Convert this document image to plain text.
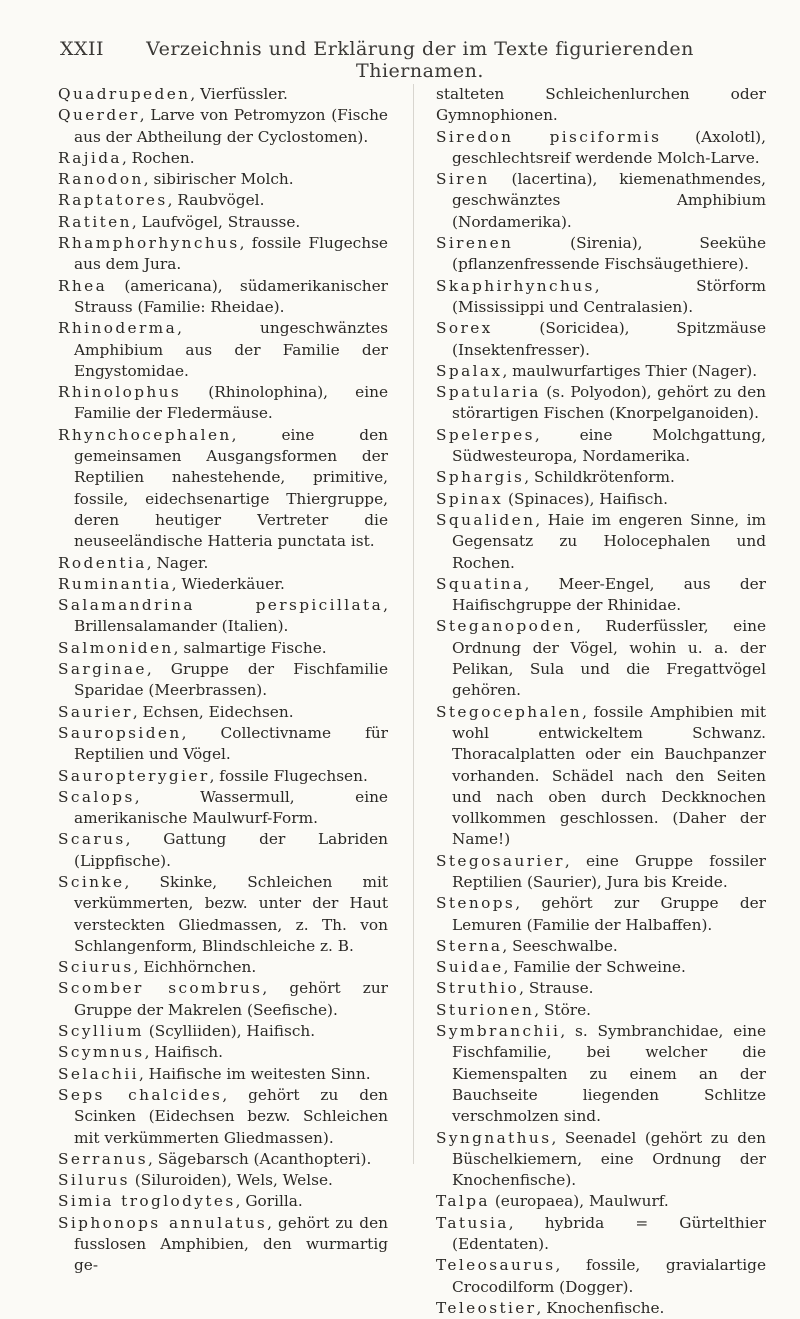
XXII	Verzeichnis und Erklärung der im Texte figurierenden Thiernamen.
Quadrupeden, Vierfüssler.
Querder, Larve von Petromyzon (Fische aus der Abtheilung der Cyclostomen).
Rajida, Rochen.
Ranodon, sibirischer Molch.
Raptatores, Raubvögel.
Ratiten, Laufvögel, Strausse.
Rhamphorhynchus, fossile Flugechse aus dem Jura.
Rhea (americana), südamerikanischer Strauss (Familie: Rheidae).
Rhinoderma, ungeschwänztes Amphibium aus der Familie der Engystomidae.
Rhinolophus (Rhinolophina), eine Familie der Fledermäuse.
Rhynchocephalen, eine den gemeinsamen Ausgangsformen der Reptilien nahestehende, primitive, fossile, eidechsenartige Thiergruppe, deren heutiger Vertreter die neuseeländische Hatteria punctata ist.
Rodentia, Nager.
Ruminantia, Wiederkäuer.
Salamandrina perspicillata, Brillensalamander (Italien).
Salmoniden, salmartige Fische.
Sarginae, Gruppe der Fischfamilie Sparidae (Meerbrassen).
Saurier, Echsen, Eidechsen.
Sauropsiden, Collectivname für Reptilien und Vögel.
Sauropterygier, fossile Flugechsen.
Scalops, Wassermull, eine amerikanische Maulwurf-Form.
Scarus, Gattung der Labriden (Lippfische).
Scinke, Skinke, Schleichen mit verkümmerten, bezw. unter der Haut versteckten Gliedmassen, z. Th. von Schlangenform, Blindschleiche z. B.
Sciurus, Eichhörnchen.
Scomber scombrus, gehört zur Gruppe der Makrelen (Seefische).
Scyllium (Scylliiden), Haifisch.
Scymnus, Haifisch.
Selachii, Haifische im weitesten Sinn.
Seps chalcides, gehört zu den Scinken (Eidechsen bezw. Schleichen mit verkümmerten Gliedmassen).
Serranus, Sägebarsch (Acanthopteri).
Silurus (Siluroiden), Wels, Welse.
Simia troglodytes, Gorilla.
Siphonops annulatus, gehört zu den fusslosen Amphibien, den wurmartig ge-
stalteten Schleichenlurchen oder Gymnophionen.
Siredon pisciformis (Axolotl), geschlechtsreif werdende Molch-Larve.
Siren (lacertina), kiemenathmendes, geschwänztes Amphibium (Nordamerika).
Sirenen (Sirenia), Seekühe (pflanzenfressende Fischsäugethiere).
Skaphirhynchus, Störform (Mississippi und Centralasien).
Sorex (Soricidea), Spitzmäuse (Insektenfresser).
Spalax, maulwurfartiges Thier (Nager).
Spatularia (s. Polyodon), gehört zu den störartigen Fischen (Knorpelganoiden).
Spelerpes, eine Molchgattung, Südwesteuropa, Nordamerika.
Sphargis, Schildkrötenform.
Spinax (Spinaces), Haifisch.
Squaliden, Haie im engeren Sinne, im Gegensatz zu Holocephalen und Rochen.
Squatina, Meer-Engel, aus der Haifischgruppe der Rhinidae.
Steganopoden, Ruderfüssler, eine Ordnung der Vögel, wohin u. a. der Pelikan, Sula und die Fregattvögel gehören.
Stegocephalen, fossile Amphibien mit wohl entwickeltem Schwanz. Thoracalplatten oder ein Bauchpanzer vorhanden. Schädel nach den Seiten und nach oben durch Deckknochen vollkommen geschlossen. (Daher der Name!)
Stegosaurier, eine Gruppe fossiler Reptilien (Saurier), Jura bis Kreide.
Stenops, gehört zur Gruppe der Lemuren (Familie der Halbaffen).
Sterna, Seeschwalbe.
Suidae, Familie der Schweine.
Struthio, Strause.
Sturionen, Störe.
Symbranchii, s. Symbranchidae, eine Fischfamilie, bei welcher die Kiemenspalten zu einem an der Bauchseite liegenden Schlitze verschmolzen sind.
Syngnathus, Seenadel (gehört zu den Büschelkiemern, eine Ordnung der Knochenfische).
Talpa (europaea), Maulwurf.
Tatusia, hybrida = Gürtelthier (Edentaten).
Teleosaurus, fossile, gravialartige Crocodilform (Dogger).
Teleostier, Knochenfische.
